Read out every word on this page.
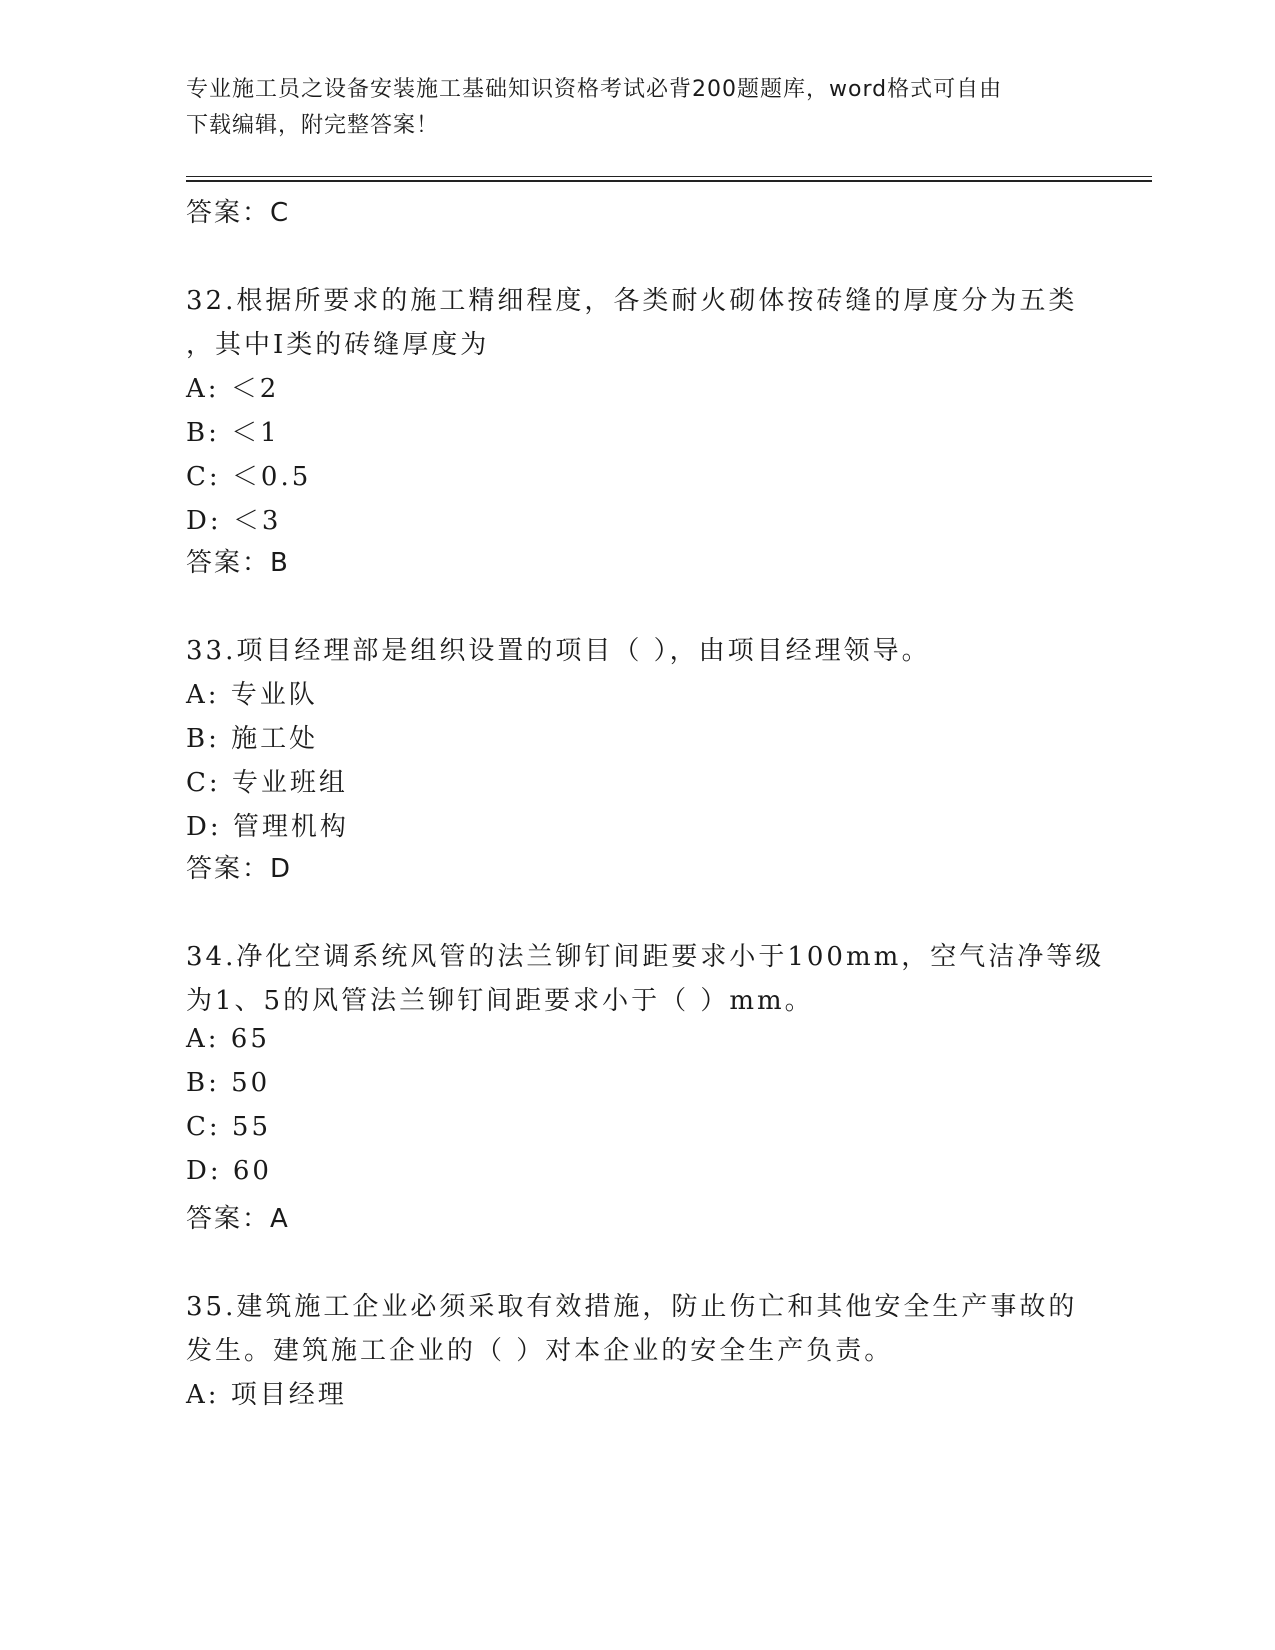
专业施工员之设备安装施工基础知识资格考试必背200题题库，word格式可自由
下载编辑，附完整答案！
答案：C
32.根据所要求的施工精细程度，各类耐火砌体按砖缝的厚度分为五类
，其中Ⅰ类的砖缝厚度为
A: ＜2
B: ＜1
C: ＜0.5
D: ＜3
答案：B
33.项目经理部是组织设置的项目（ ），由项目经理领导。
A: 专业队
B: 施工处
C: 专业班组
D: 管理机构
答案：D
34.净化空调系统风管的法兰铆钉间距要求小于100mm，空气洁净等级
为1、5的风管法兰铆钉间距要求小于（ ）mm。
A: 65
B: 50
C: 55
D: 60
答案：A
35.建筑施工企业必须采取有效措施，防止伤亡和其他安全生产事故的
发生。建筑施工企业的（ ）对本企业的安全生产负责。
A: 项目经理
